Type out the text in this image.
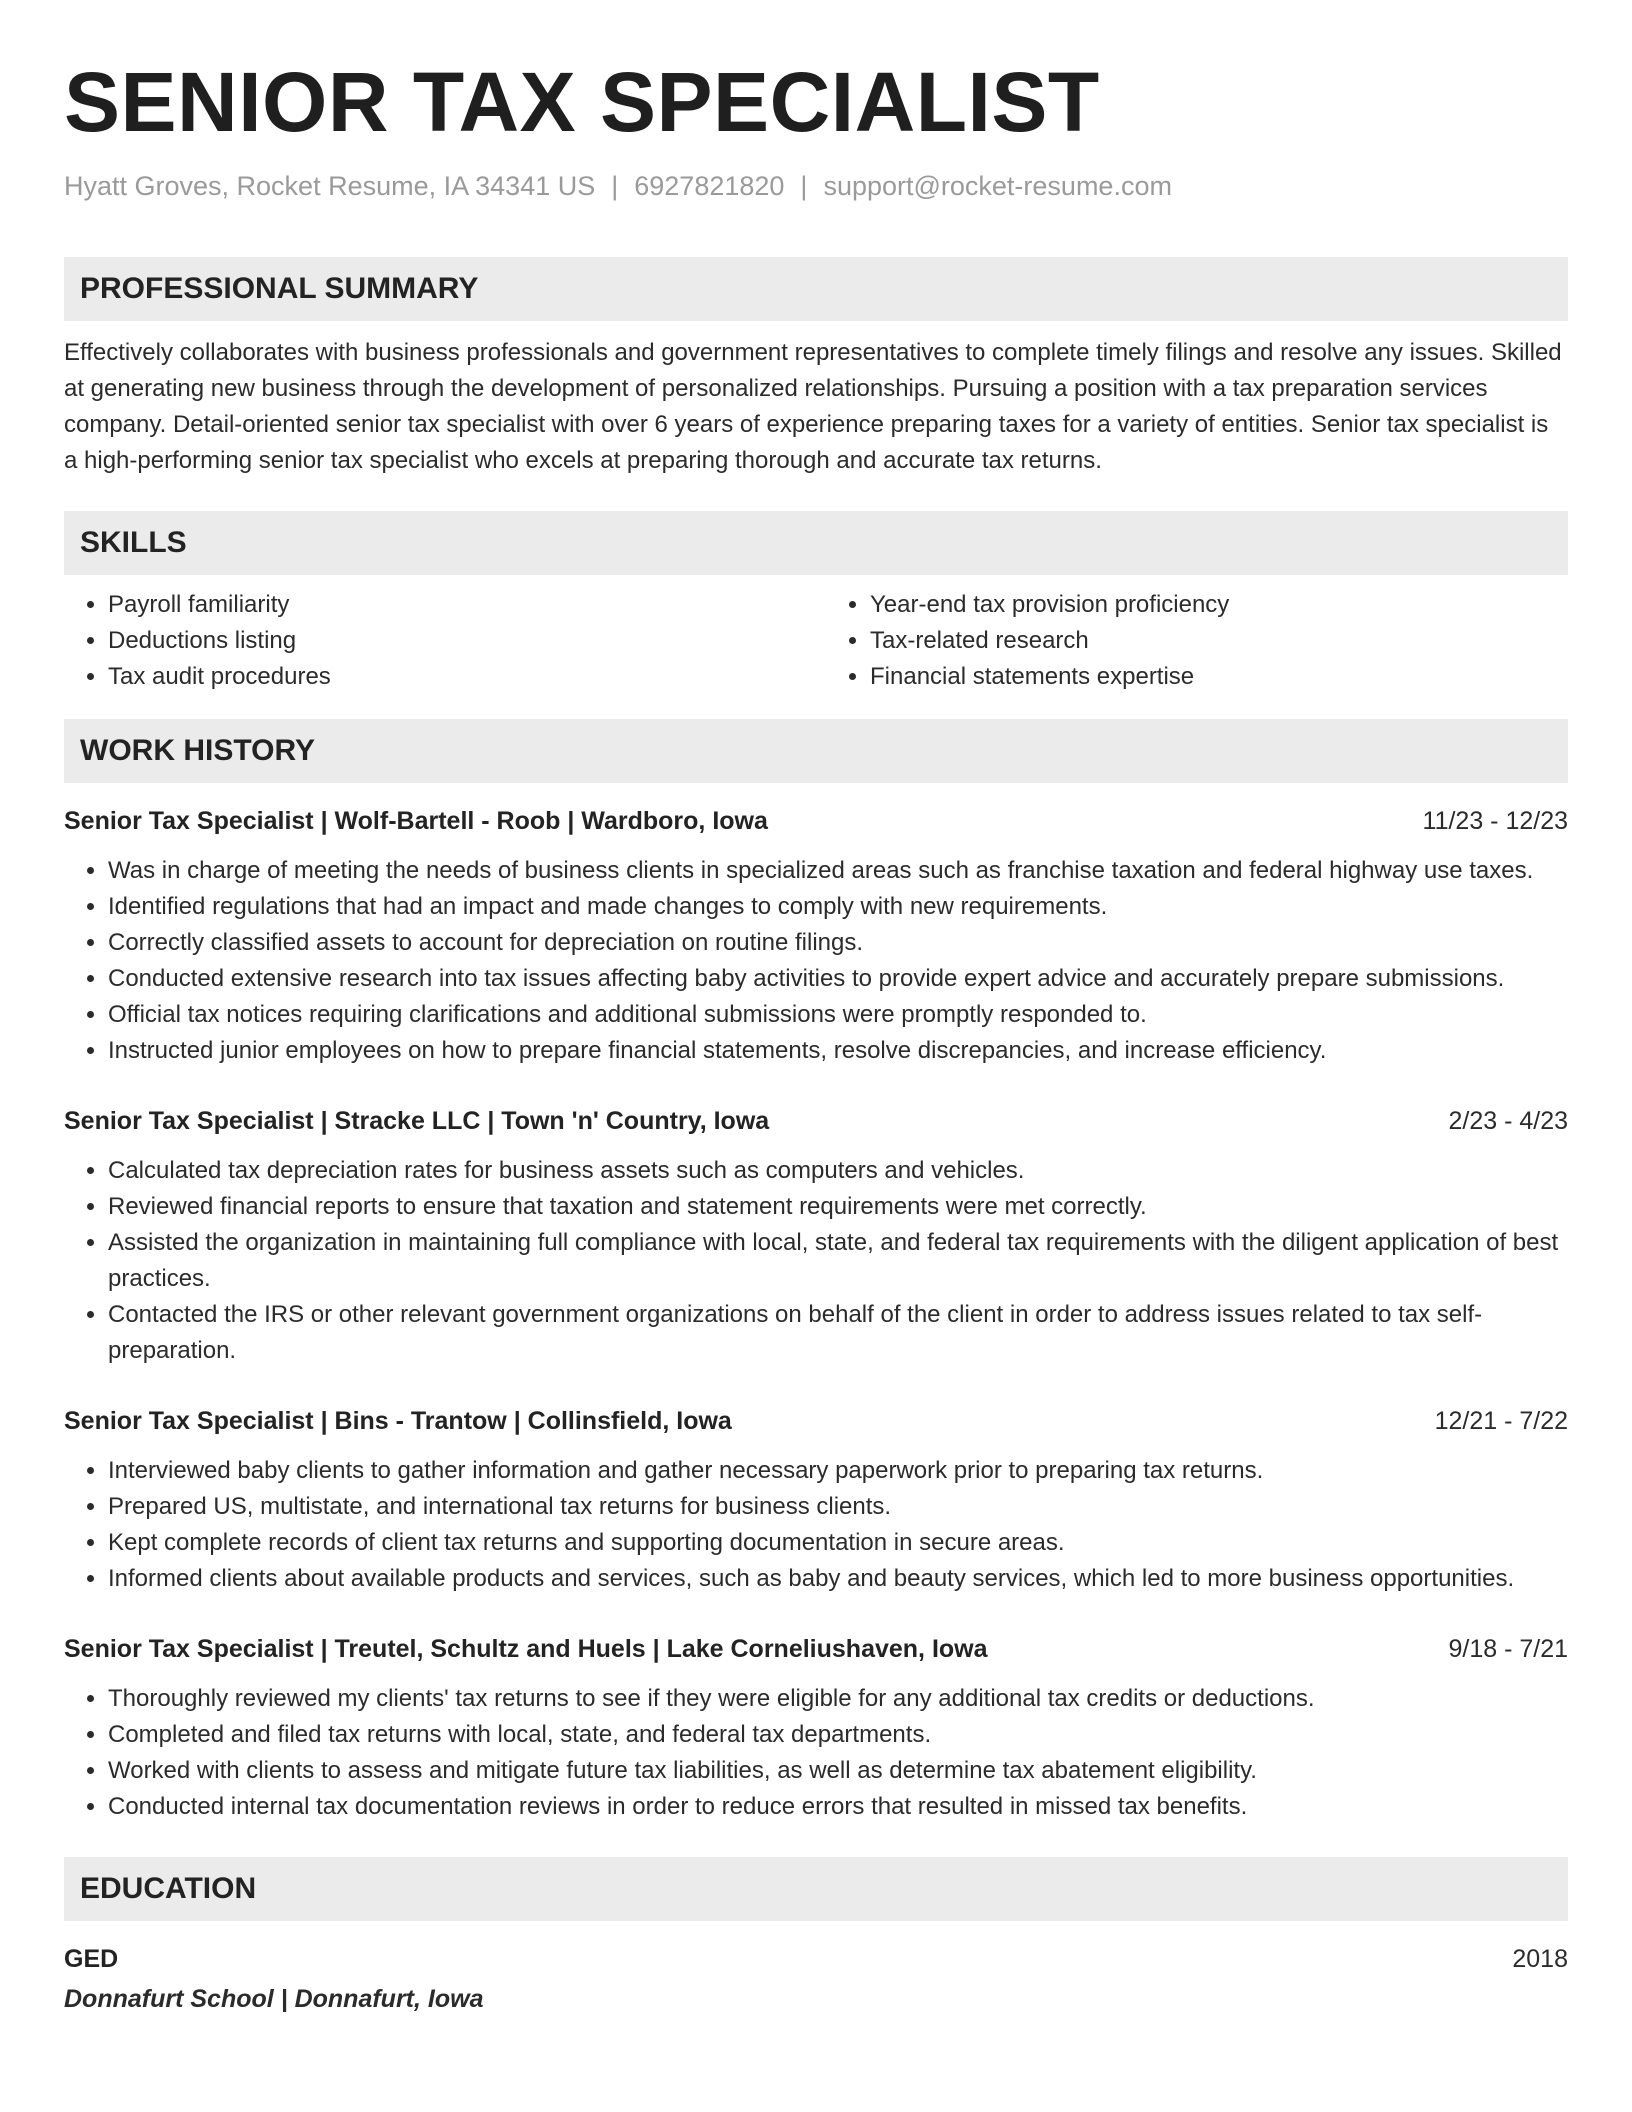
SENIOR TAX SPECIALIST
Hyatt Groves, Rocket Resume, IA 34341 US | 6927821820 | support@rocket-resume.com
PROFESSIONAL SUMMARY
Effectively collaborates with business professionals and government representatives to complete timely filings and resolve any issues. Skilled at generating new business through the development of personalized relationships. Pursuing a position with a tax preparation services company. Detail-oriented senior tax specialist with over 6 years of experience preparing taxes for a variety of entities. Senior tax specialist is a high-performing senior tax specialist who excels at preparing thorough and accurate tax returns.
SKILLS
• Payroll familiarity
• Deductions listing
• Tax audit procedures
• Year-end tax provision proficiency
• Tax-related research
• Financial statements expertise
WORK HISTORY
Senior Tax Specialist | Wolf-Bartell - Roob | Wardboro, Iowa	11/23 - 12/23
• Was in charge of meeting the needs of business clients in specialized areas such as franchise taxation and federal highway use taxes.
• Identified regulations that had an impact and made changes to comply with new requirements.
• Correctly classified assets to account for depreciation on routine filings.
• Conducted extensive research into tax issues affecting baby activities to provide expert advice and accurately prepare submissions.
• Official tax notices requiring clarifications and additional submissions were promptly responded to.
• Instructed junior employees on how to prepare financial statements, resolve discrepancies, and increase efficiency.
Senior Tax Specialist | Stracke LLC | Town 'n' Country, Iowa	2/23 - 4/23
• Calculated tax depreciation rates for business assets such as computers and vehicles.
• Reviewed financial reports to ensure that taxation and statement requirements were met correctly.
• Assisted the organization in maintaining full compliance with local, state, and federal tax requirements with the diligent application of best practices.
• Contacted the IRS or other relevant government organizations on behalf of the client in order to address issues related to tax self-preparation.
Senior Tax Specialist | Bins - Trantow | Collinsfield, Iowa	12/21 - 7/22
• Interviewed baby clients to gather information and gather necessary paperwork prior to preparing tax returns.
• Prepared US, multistate, and international tax returns for business clients.
• Kept complete records of client tax returns and supporting documentation in secure areas.
• Informed clients about available products and services, such as baby and beauty services, which led to more business opportunities.
Senior Tax Specialist | Treutel, Schultz and Huels | Lake Corneliushaven, Iowa	9/18 - 7/21
• Thoroughly reviewed my clients' tax returns to see if they were eligible for any additional tax credits or deductions.
• Completed and filed tax returns with local, state, and federal tax departments.
• Worked with clients to assess and mitigate future tax liabilities, as well as determine tax abatement eligibility.
• Conducted internal tax documentation reviews in order to reduce errors that resulted in missed tax benefits.
EDUCATION
GED	2018
Donnafurt School | Donnafurt, Iowa
